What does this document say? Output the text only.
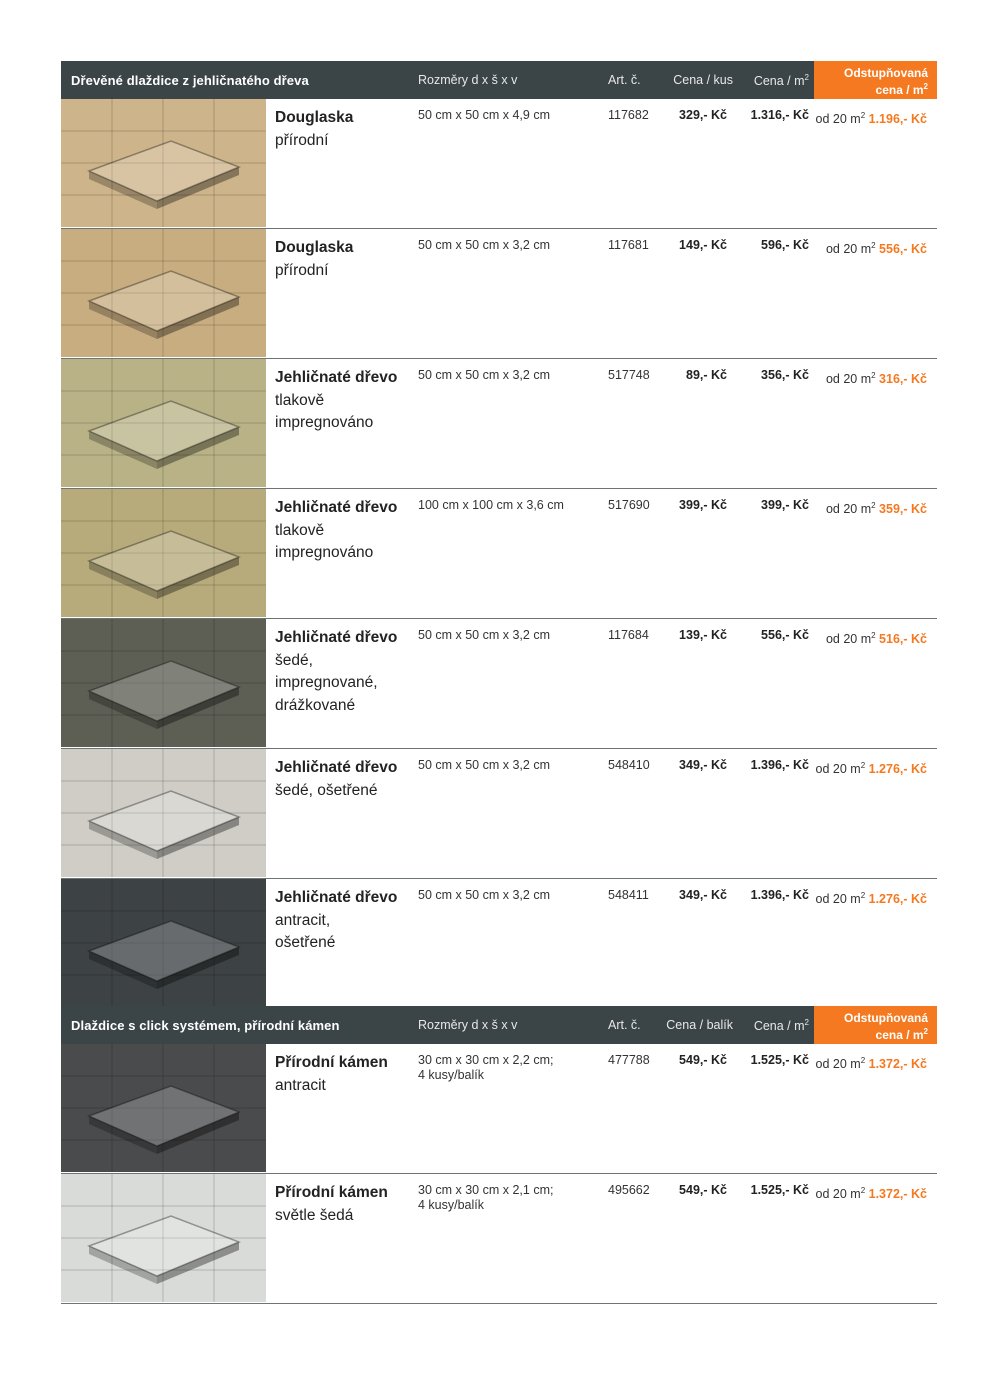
Dřevěné dlaždice z jehličnatého dřeva	Rozměry d x š x v	Art. č.	Cena / kus	Cena / $m^2$	Odstupňovaná
cena / $m^2$
Douglaska
přírodní
50 cm x 50 cm x 4,9 cm	117682	329,- Kč	1.316,- Kč od 20 $m^2$ 1.196,- Kč
Douglaska
přírodní
50 cm x 50 cm x 3,2 cm	117681	149,- Kč	596,- Kč	od 20 $m^2$ 556,- Kč
Jehličnaté dřevo
tlakově
impregnováno
50 cm x 50 cm x 3,2 cm	517748	89,- Kč	356,- Kč	od 20 $m^2$ 316,- Kč
Jehličnaté dřevo
tlakově
impregnováno
100 cm x 100 cm x 3,6 cm	517690	399,- Kč	399,- Kč	od 20 $m^2$ 359,- Kč
Jehličnaté dřevo
šedé,
impregnované,
drážkované
50 cm x 50 cm x 3,2 cm	117684	139,- Kč	556,- Kč	od 20 $m^2$ 516,- Kč
Jehličnaté dřevo
šedé, ošetřené
50 cm x 50 cm x 3,2 cm	548410	349,- Kč	1.396,- Kč od 20 $m^2$ 1.276,- Kč
Jehličnaté dřevo
antracit,
ošetřené
50 cm x 50 cm x 3,2 cm	548411	349,- Kč	1.396,- Kč od 20 $m^2$ 1.276,- Kč
Dlaždice s click systémem, přírodní kámen	Rozměry d x š x v	Art. č.	Cena / balík	Cena / $m^2$	Odstupňovaná
cena / $m^2$
Přírodní kámen
antracit
30 cm x 30 cm x 2,2 cm;
4 kusy/balík
477788	549,- Kč	1.525,- Kč od 20 $m^2$ 1.372,- Kč
Přírodní kámen
světle šedá
30 cm x 30 cm x 2,1 cm;
4 kusy/balík
495662	549,- Kč	1.525,- Kč od 20 $m^2$ 1.372,- Kč
